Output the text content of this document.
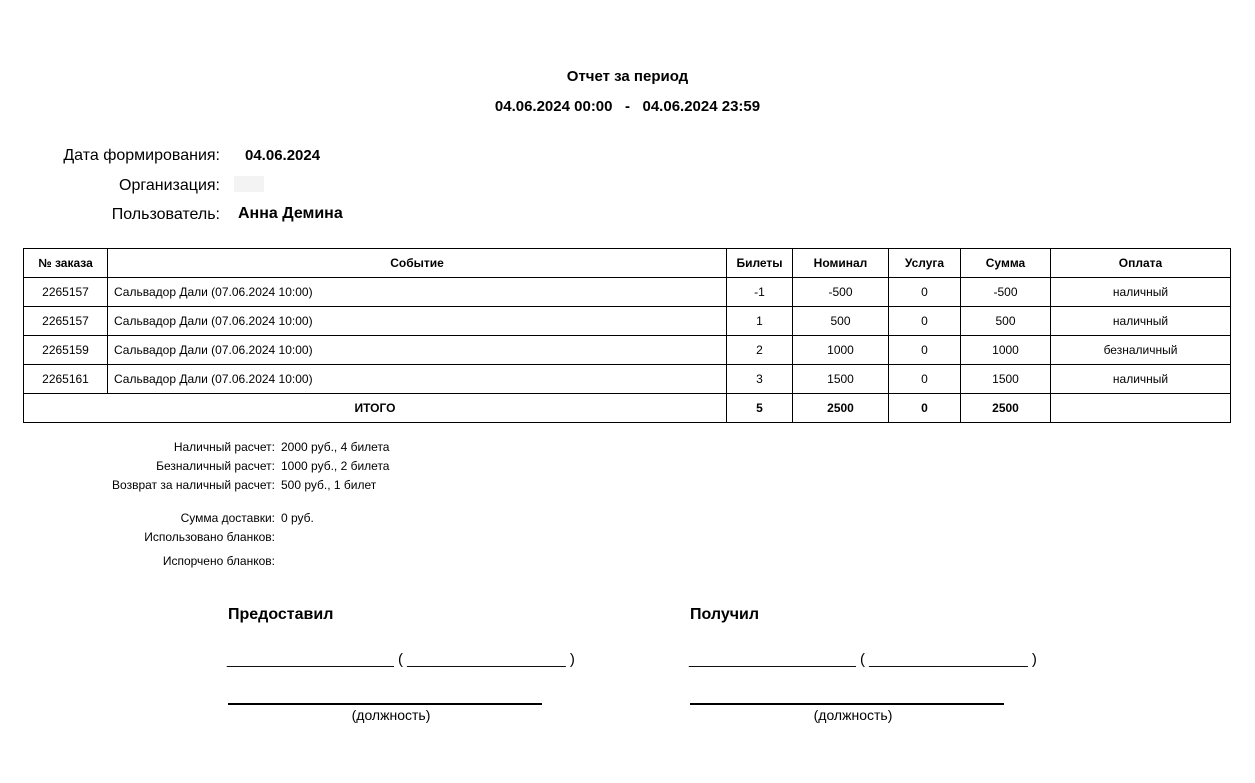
Отчет за период
04.06.2024 00:00   -   04.06.2024 23:59
Дата формирования: 04.06.2024
Организация:
Пользователь: Анна Демина
№ заказа	Событие	Билеты	Номинал	Услуга	Сумма	Оплата
2265157	Сальвадор Дали (07.06.2024 10:00)	-1	-500	0	-500	наличный
2265157	Сальвадор Дали (07.06.2024 10:00)	1	500	0	500	наличный
2265159	Сальвадор Дали (07.06.2024 10:00)	2	1000	0	1000	безналичный
2265161	Сальвадор Дали (07.06.2024 10:00)	3	1500	0	1500	наличный
ИТОГО		5	2500	0	2500	
Наличный расчет: 2000 руб., 4 билета
Безналичный расчет: 1000 руб., 2 билета
Возврат за наличный расчет: 500 руб., 1 билет
Сумма доставки: 0 руб.
Использовано бланков:
Испорчено бланков:
Предоставил	Получил
____________________ ( ___________________ )	____________________ ( ___________________ )
(должность)	(должность)
